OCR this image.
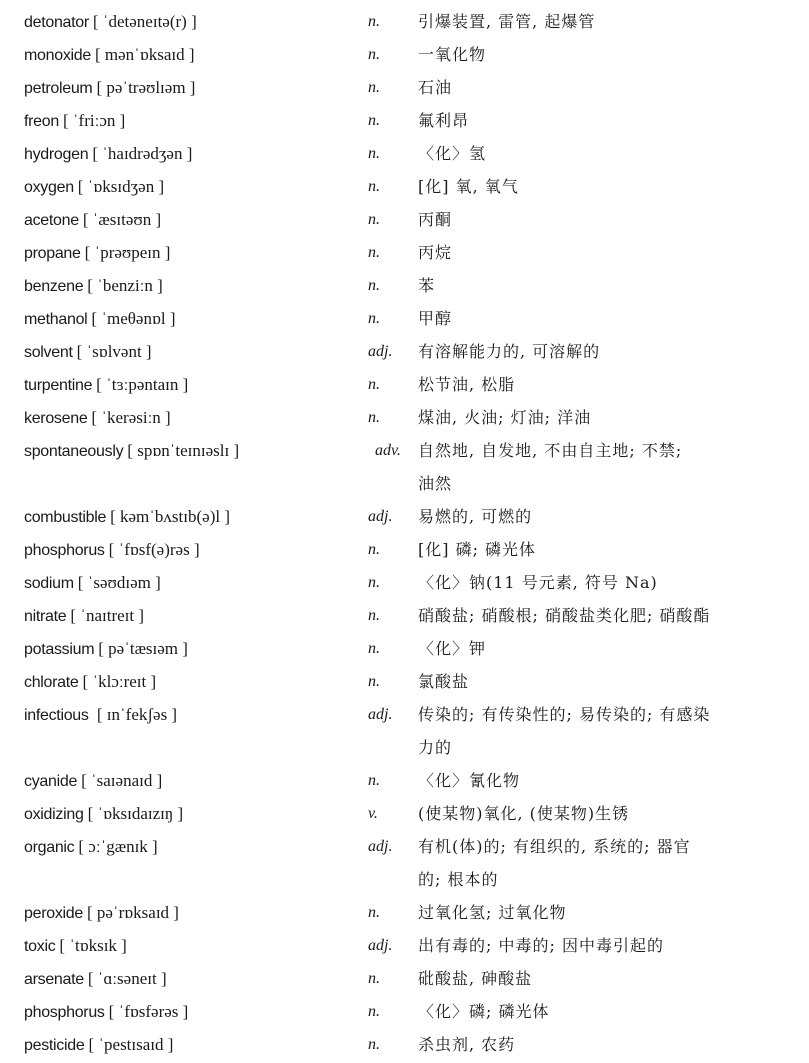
detonator [ ˈdetəneɪtə(r) ]	n.	引爆装置, 雷管, 起爆管
monoxide [ mənˈɒksaɪd ]	n.	一氧化物
petroleum [ pəˈtrəʊlɪəm ]	n.	石油
freon [ ˈfriːɔn ]	n.	氟利昂
hydrogen [ ˈhaɪdrədʒən ]	n.	〈化〉氢
oxygen [ ˈɒksɪdʒən ]	n.	[化] 氧, 氧气
acetone [ ˈæsɪtəʊn ]	n.	丙酮
propane [ ˈprəʊpeɪn ]	n.	丙烷
benzene [ ˈbenziːn ]	n.	苯
methanol [ ˈmeθənɒl ]	n.	甲醇
solvent [ ˈsɒlvənt ]	adj.	有溶解能力的, 可溶解的
turpentine [ ˈtɜːpəntaɪn ]	n.	松节油, 松脂
kerosene [ ˈkerəsiːn ]	n.	煤油, 火油; 灯油; 洋油
spontaneously [ spɒnˈteɪnɪəslɪ ]	adv.	自然地, 自发地, 不由自主地; 不禁;
油然
combustible [ kəmˈbʌstɪb(ə)l ]	adj.	易燃的, 可燃的
phosphorus [ ˈfɒsf(ə)rəs ]	n.	[化] 磷; 磷光体
sodium [ ˈsəʊdɪəm ]	n.	〈化〉钠(11 号元素, 符号 Na)
nitrate [ ˈnaɪtreɪt ]	n.	硝酸盐; 硝酸根; 硝酸盐类化肥; 硝酸酯
potassium [ pəˈtæsɪəm ]	n.	〈化〉钾
chlorate [ ˈklɔːreɪt ]	n.	氯酸盐
infectious [ ɪnˈfekʃəs ]	adj.	传染的; 有传染性的; 易传染的; 有感染
力的
cyanide [ ˈsaɪənaɪd ]	n.	〈化〉氰化物
oxidizing [ ˈɒksɪdaɪzɪŋ ]	v.	(使某物)氧化, (使某物)生锈
organic [ ɔːˈgænɪk ]	adj.	有机(体)的; 有组织的, 系统的; 器官
的; 根本的
peroxide [ pəˈrɒksaɪd ]	n.	过氧化氢; 过氧化物
toxic [ ˈtɒksɪk ]	adj.	出有毒的; 中毒的; 因中毒引起的
arsenate [ ˈɑːsəneɪt ]	n.	砒酸盐, 砷酸盐
phosphorus [ ˈfɒsfərəs ]	n.	〈化〉磷; 磷光体
pesticide [ ˈpestɪsaɪd ]	n.	杀虫剂, 农药
